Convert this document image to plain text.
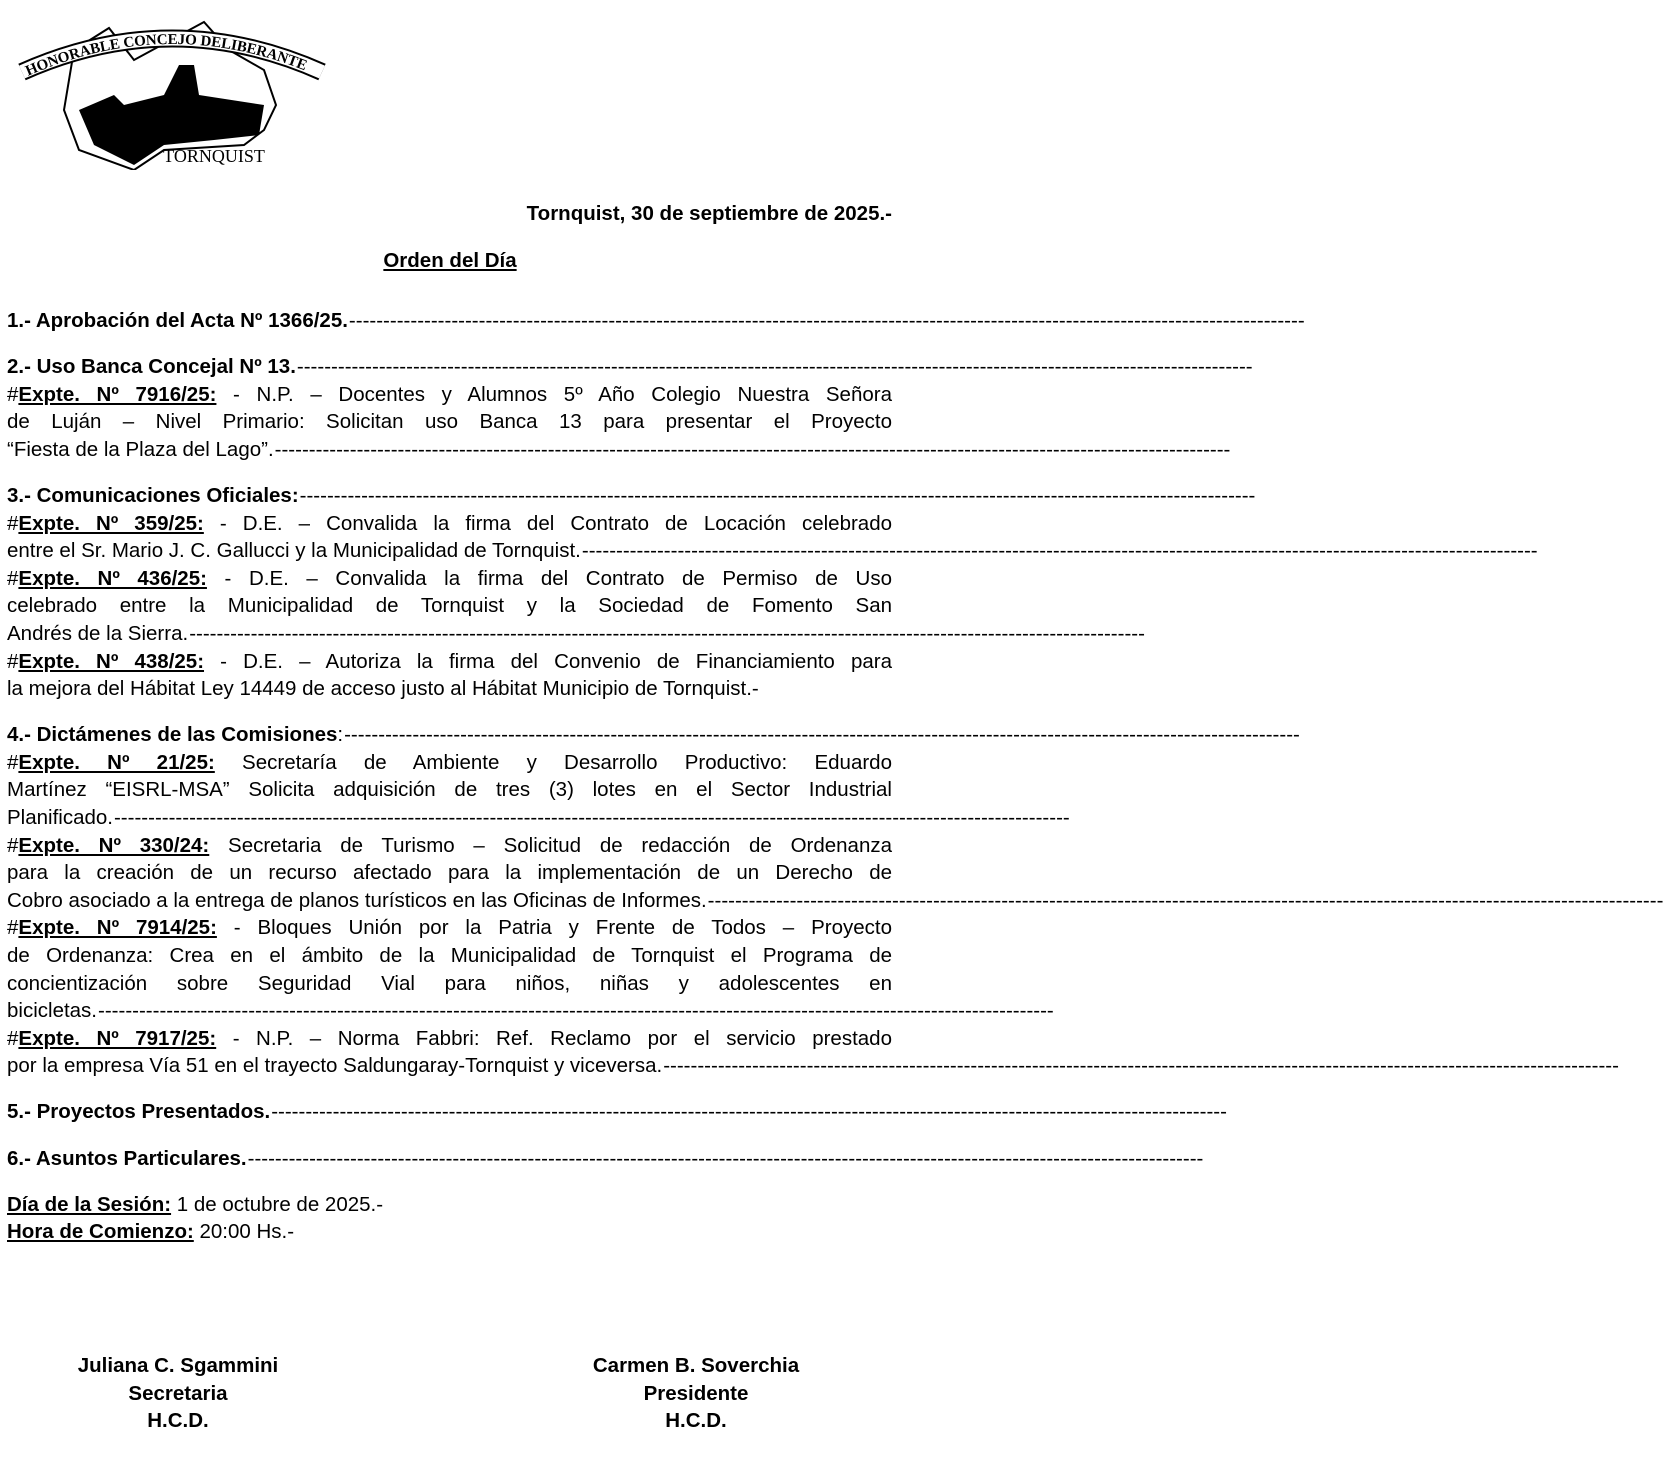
HONORABLE CONCEJO DELIBERANTE
TORNQUIST
Tornquist, 30 de septiembre de 2025.-
Orden del Día
1.- Aprobación del Acta Nº 1366/25. --------------------------------------------------------------------------------------------------------------------------------------------
2.- Uso Banca Concejal Nº 13. --------------------------------------------------------------------------------------------------------------------------------------------
#Expte. Nº 7916/25: - N.P. – Docentes y Alumnos 5º Año Colegio Nuestra Señora
de Luján – Nivel Primario: Solicitan uso Banca 13 para presentar el Proyecto
“Fiesta de la Plaza del Lago”. --------------------------------------------------------------------------------------------------------------------------------------------
3.- Comunicaciones Oficiales: --------------------------------------------------------------------------------------------------------------------------------------------
#Expte. Nº 359/25: - D.E. – Convalida la firma del Contrato de Locación celebrado
entre el Sr. Mario J. C. Gallucci y la Municipalidad de Tornquist. --------------------------------------------------------------------------------------------------------------------------------------------
#Expte. Nº 436/25: - D.E. – Convalida la firma del Contrato de Permiso de Uso
celebrado entre la Municipalidad de Tornquist y la Sociedad de Fomento San
Andrés de la Sierra. --------------------------------------------------------------------------------------------------------------------------------------------
#Expte. Nº 438/25: - D.E. – Autoriza la firma del Convenio de Financiamiento para
la mejora del Hábitat Ley 14449 de acceso justo al Hábitat Municipio de Tornquist.-
4.- Dictámenes de las Comisiones : --------------------------------------------------------------------------------------------------------------------------------------------
#Expte. Nº 21/25: Secretaría de Ambiente y Desarrollo Productivo: Eduardo
Martínez “EISRL-MSA” Solicita adquisición de tres (3) lotes en el Sector Industrial
Planificado. --------------------------------------------------------------------------------------------------------------------------------------------
#Expte. Nº 330/24: Secretaria de Turismo – Solicitud de redacción de Ordenanza
para la creación de un recurso afectado para la implementación de un Derecho de
Cobro asociado a la entrega de planos turísticos en las Oficinas de Informes. --------------------------------------------------------------------------------------------------------------------------------------------
#Expte. Nº 7914/25: - Bloques Unión por la Patria y Frente de Todos – Proyecto
de Ordenanza: Crea en el ámbito de la Municipalidad de Tornquist el Programa de
concientización sobre Seguridad Vial para niños, niñas y adolescentes en
bicicletas. --------------------------------------------------------------------------------------------------------------------------------------------
#Expte. Nº 7917/25: - N.P. – Norma Fabbri: Ref. Reclamo por el servicio prestado
por la empresa Vía 51 en el trayecto Saldungaray-Tornquist y viceversa. --------------------------------------------------------------------------------------------------------------------------------------------
5.- Proyectos Presentados. --------------------------------------------------------------------------------------------------------------------------------------------
6.- Asuntos Particulares. --------------------------------------------------------------------------------------------------------------------------------------------
Día de la Sesión: 1 de octubre de 2025.-
Hora de Comienzo: 20:00 Hs.-
Juliana C. Sgammini
Secretaria
H.C.D.
Carmen B. Soverchia
Presidente
H.C.D.
